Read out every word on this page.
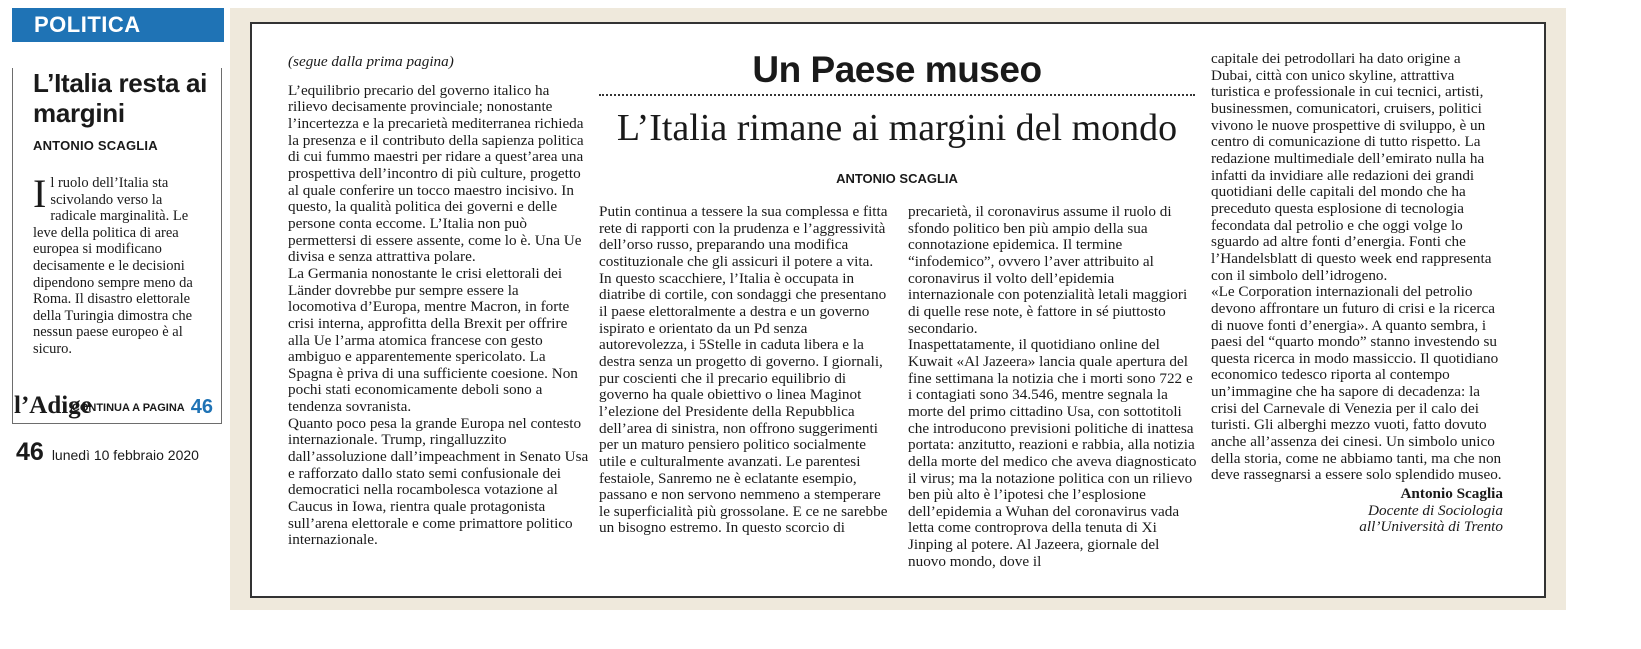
POLITICA
L’Italia resta ai margini
ANTONIO SCAGLIA
Il ruolo dell’Italia sta scivolando verso la radicale marginalità. Le leve della politica di area europea si modificano decisamente e le decisioni dipendono sempre meno da Roma. Il disastro elettorale della Turingia dimostra che nessun paese europeo è al sicuro.
CONTINUA A PAGINA 46
l’Adige
46 lunedì 10 febbraio 2020

(segue dalla prima pagina)

L’equilibrio precario del governo italico ha rilievo decisamente provinciale; nonostante l’incertezza e la precarietà mediterranea richieda la presenza e il contributo della sapienza politica di cui fummo maestri per ridare a quest’area una prospettiva dell’incontro di più culture, progetto al quale conferire un tocco maestro incisivo. In questo, la qualità politica dei governi e delle persone conta eccome. L’Italia non può permettersi di essere assente, come lo è. Una Ue divisa e senza attrattiva polare.

La Germania nonostante le crisi elettorali dei Länder dovrebbe pur sempre essere la locomotiva d’Europa, mentre Macron, in forte crisi interna, approfitta della Brexit per offrire alla Ue l’arma atomica francese con gesto ambiguo e apparentemente spericolato. La Spagna è priva di una sufficiente coesione. Non pochi stati economicamente deboli sono a tendenza sovranista.

Quanto poco pesa la grande Europa nel contesto internazionale. Trump, ringalluzzito dall’assoluzione dall’impeachment in Senato Usa e rafforzato dallo stato semi confusionale dei democratici nella rocambolesca votazione al Caucus in Iowa, rientra quale protagonista sull’arena elettorale e come primattore politico internazionale.

Un Paese museo
L’Italia rimane ai margini del mondo
ANTONIO SCAGLIA

Putin continua a tessere la sua complessa e fitta rete di rapporti con la prudenza e l’aggressività dell’orso russo, preparando una modifica costituzionale che gli assicuri il potere a vita.

In questo scacchiere, l’Italia è occupata in diatribe di cortile, con sondaggi che presentano il paese elettoralmente a destra e un governo ispirato e orientato da un Pd senza autorevolezza, i 5Stelle in caduta libera e la destra senza un progetto di governo. I giornali, pur coscienti che il precario equilibrio di governo ha quale obiettivo o linea Maginot l’elezione del Presidente della Repubblica dell’area di sinistra, non offrono suggerimenti per un maturo pensiero politico socialmente utile e culturalmente avanzati. Le parentesi festaiole, Sanremo ne è eclatante esempio, passano e non servono nemmeno a stemperare le superficialità più grossolane. E ce ne sarebbe un bisogno estremo. In questo scorcio di

precarietà, il coronavirus assume il ruolo di sfondo politico ben più ampio della sua connotazione epidemica. Il termine “infodemico”, ovvero l’aver attribuito al coronavirus il volto dell’epidemia internazionale con potenzialità letali maggiori di quelle rese note, è fattore in sé piuttosto secondario.

Inaspettatamente, il quotidiano online del Kuwait «Al Jazeera» lancia quale apertura del fine settimana la notizia che i morti sono 722 e i contagiati sono 34.546, mentre segnala la morte del primo cittadino Usa, con sottotitoli che introducono previsioni politiche di inattesa portata: anzitutto, reazioni e rabbia, alla notizia della morte del medico che aveva diagnosticato il virus; ma la notazione politica con un rilievo ben più alto è l’ipotesi che l’esplosione dell’epidemia a Wuhan del coronavirus vada letta come controprova della tenuta di Xi Jinping al potere. Al Jazeera, giornale del nuovo mondo, dove il

capitale dei petrodollari ha dato origine a Dubai, città con unico skyline, attrattiva turistica e professionale in cui tecnici, artisti, businessmen, comunicatori, cruisers, politici vivono le nuove prospettive di sviluppo, è un centro di comunicazione di tutto rispetto. La redazione multimediale dell’emirato nulla ha infatti da invidiare alle redazioni dei grandi quotidiani delle capitali del mondo che ha preceduto questa esplosione di tecnologia fecondata dal petrolio e che oggi volge lo sguardo ad altre fonti d’energia. Fonti che l’Handelsblatt di questo week end rappresenta con il simbolo dell’idrogeno.

«Le Corporation internazionali del petrolio devono affrontare un futuro di crisi e la ricerca di nuove fonti d’energia». A quanto sembra, i paesi del “quarto mondo” stanno investendo su questa ricerca in modo massiccio. Il quotidiano economico tedesco riporta al contempo un’immagine che ha sapore di decadenza: la crisi del Carnevale di Venezia per il calo dei turisti. Gli alberghi mezzo vuoti, fatto dovuto anche all’assenza dei cinesi. Un simbolo unico della storia, come ne abbiamo tanti, ma che non deve rassegnarsi a essere solo splendido museo.

Antonio Scaglia
Docente di Sociologia
all’Università di Trento
